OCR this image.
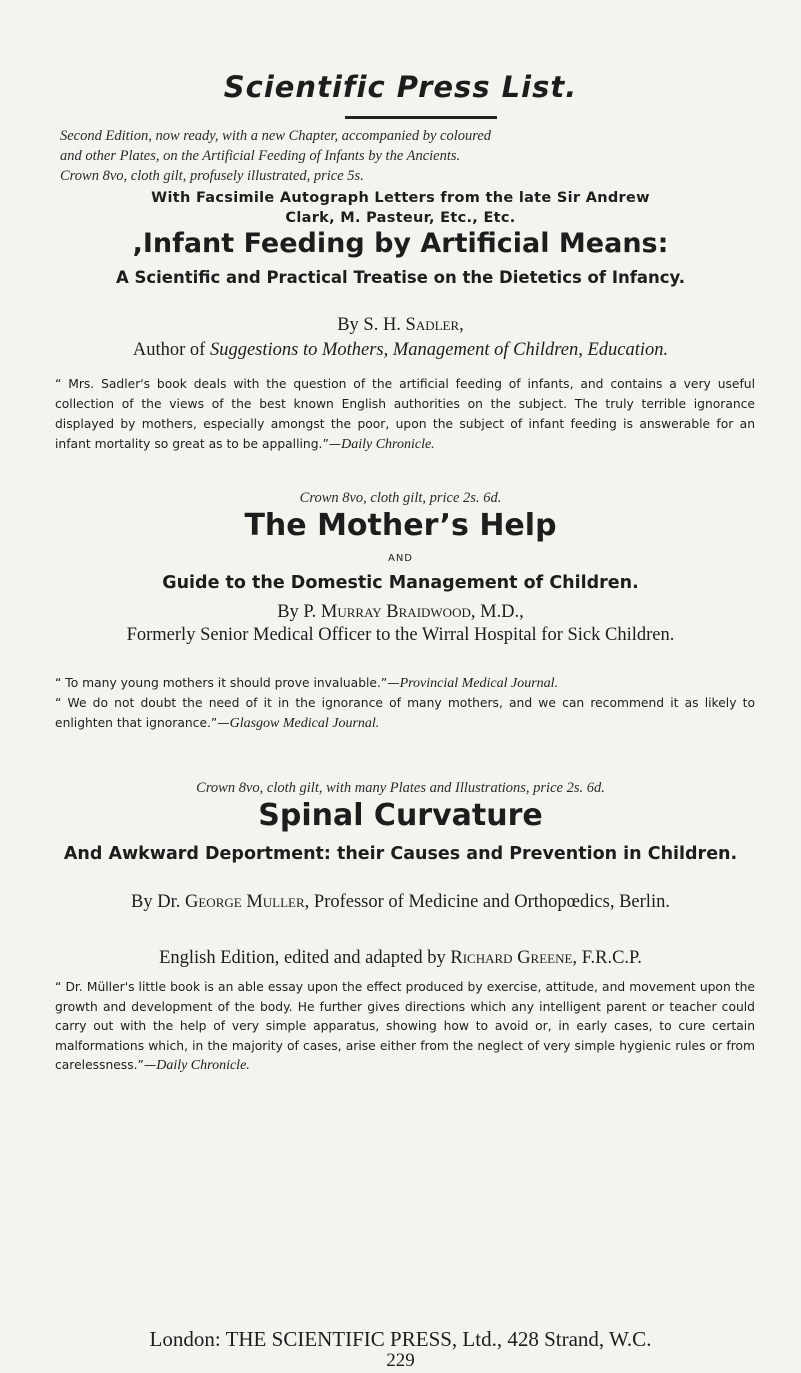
Scientific Press List.
Second Edition, now ready, with a new Chapter, accompanied by coloured
and other Plates, on the Artificial Feeding of Infants by the Ancients.
Crown 8vo, cloth gilt, profusely illustrated, price 5s.
With Facsimile Autograph Letters from the late Sir Andrew
Clark, M. Pasteur, Etc., Etc.
,Infant Feeding by Artificial Means:
A Scientific and Practical Treatise on the Dietetics of Infancy.
By S. H. Sadler,
Author of Suggestions to Mothers, Management of Children, Education.

“ Mrs. Sadler's book deals with the question of the artificial feeding of infants, and contains a very useful collection of the views of the best known English authorities on the subject. The truly terrible ignorance displayed by mothers, especially amongst the poor, upon the subject of infant feeding is answerable for an infant mortality so great as to be appalling.”—Daily Chronicle.

Crown 8vo, cloth gilt, price 2s. 6d.
The Mother’s Help
AND
Guide to the Domestic Management of Children.
By P. Murray Braidwood, M.D.,
Formerly Senior Medical Officer to the Wirral Hospital for Sick Children.

“ To many young mothers it should prove invaluable.”—Provincial Medical Journal.

“ We do not doubt the need of it in the ignorance of many mothers, and we can recommend it as likely to enlighten that ignorance.”—Glasgow Medical Journal.

Crown 8vo, cloth gilt, with many Plates and Illustrations, price 2s. 6d.
Spinal Curvature
And Awkward Deportment: their Causes and Prevention in Children.
By Dr. George Muller, Professor of Medicine and Orthopœdics, Berlin.
English Edition, edited and adapted by Richard Greene, F.R.C.P.

“ Dr. Müller's little book is an able essay upon the effect produced by exercise, attitude, and movement upon the growth and development of the body. He further gives directions which any intelligent parent or teacher could carry out with the help of very simple apparatus, showing how to avoid or, in early cases, to cure certain malformations which, in the majority of cases, arise either from the neglect of very simple hygienic rules or from carelessness.”—Daily Chronicle.

London: THE SCIENTIFIC PRESS, Ltd., 428 Strand, W.C.
229
